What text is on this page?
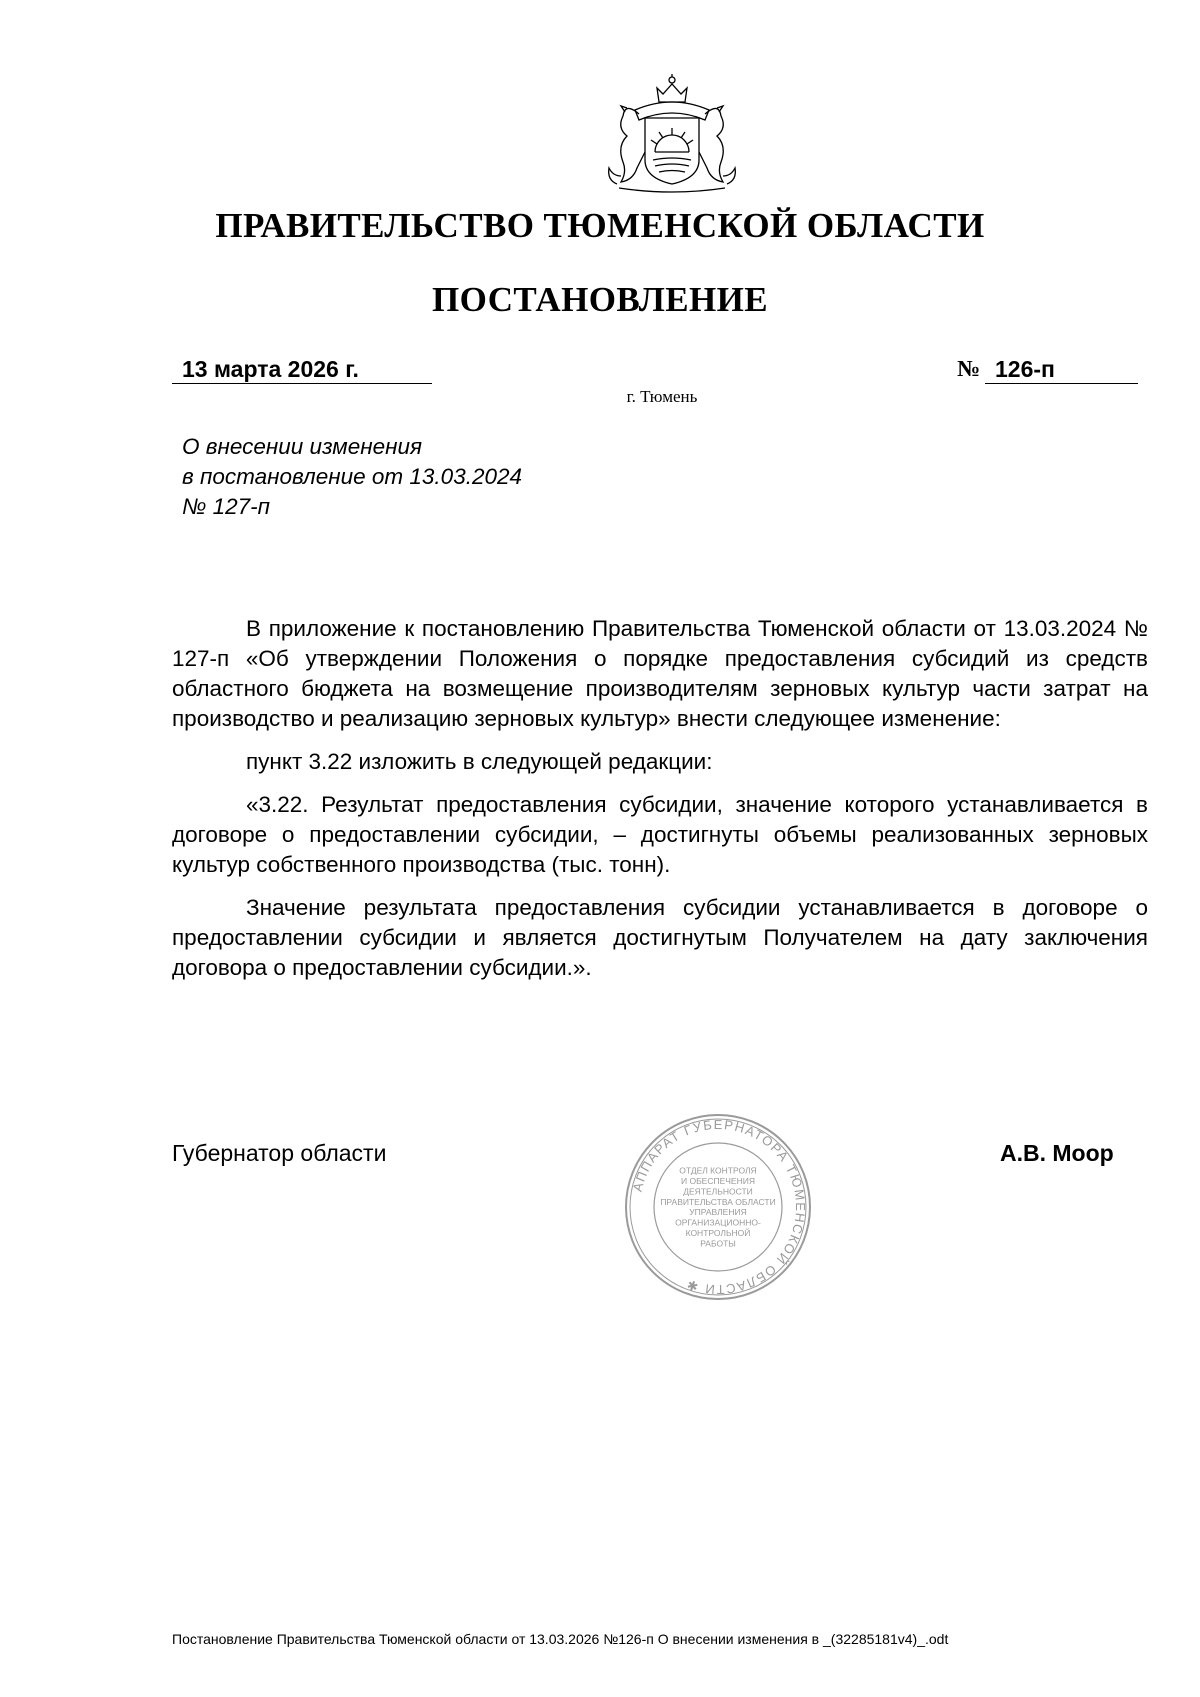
ПРАВИТЕЛЬСТВО ТЮМЕНСКОЙ ОБЛАСТИ
ПОСТАНОВЛЕНИЕ
13 марта 2026 г.	№ 126-п
г. Тюмень
О внесении изменения
в постановление от 13.03.2024
№ 127-п

В приложение к постановлению Правительства Тюменской области от 13.03.2024 № 127-п «Об утверждении Положения о порядке предоставления субсидий из средств областного бюджета на возмещение производителям зерновых культур части затрат на производство и реализацию зерновых культур» внести следующее изменение:

пункт 3.22 изложить в следующей редакции:

«3.22. Результат предоставления субсидии, значение которого устанавливается в договоре о предоставлении субсидии, – достигнуты объемы реализованных зерновых культур собственного производства (тыс. тонн).

Значение результата предоставления субсидии устанавливается в договоре о предоставлении субсидии и является достигнутым Получателем на дату заключения договора о предоставлении субсидии.».

Губернатор области	А.В. Моор
АППАРАТ ГУБЕРНАТОРА ТЮМЕНСКОЙ ОБЛАСТИ ✱
ОТДЕЛ КОНТРОЛЯ
И ОБЕСПЕЧЕНИЯ
ДЕЯТЕЛЬНОСТИ
ПРАВИТЕЛЬСТВА ОБЛАСТИ
УПРАВЛЕНИЯ
ОРГАНИЗАЦИОННО-
КОНТРОЛЬНОЙ
РАБОТЫ
Постановление Правительства Тюменской области от 13.03.2026 №126-п О внесении изменения в _(32285181v4)_.odt
